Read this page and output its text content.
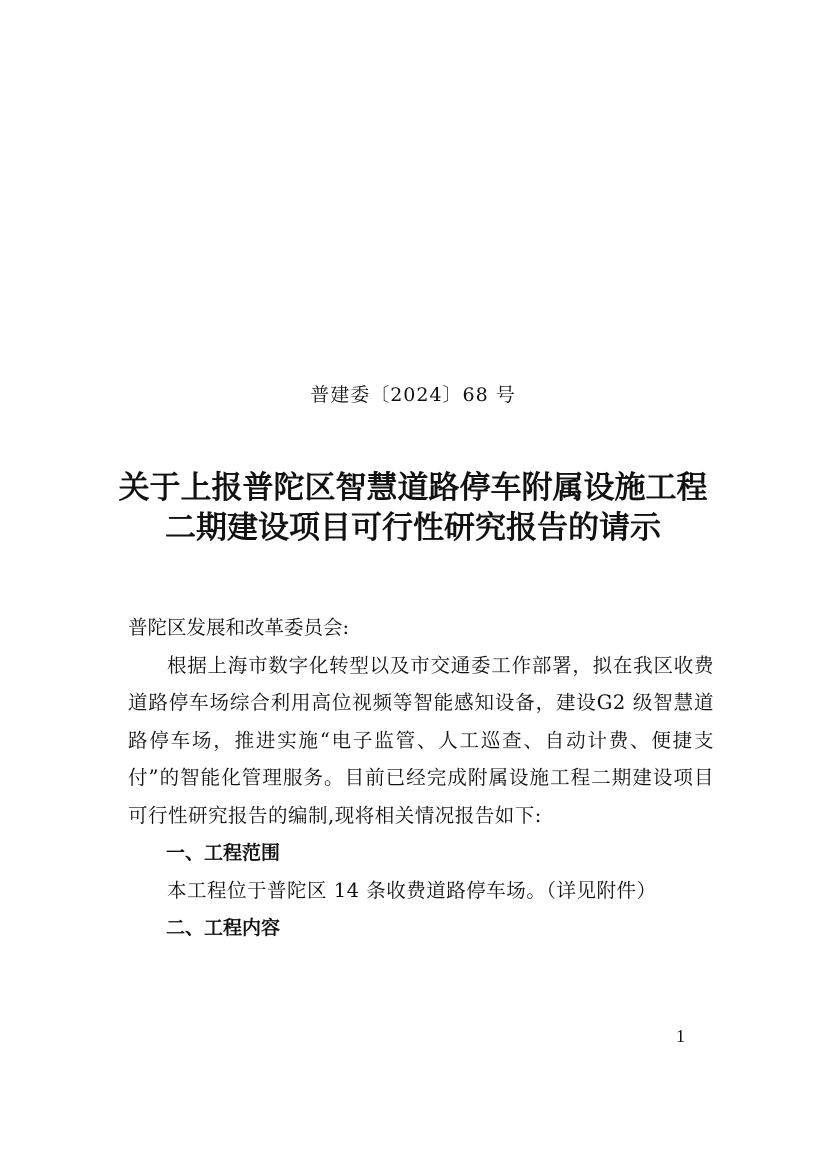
普建委〔2024〕68 号
关于上报普陀区智慧道路停车附属设施工程
二期建设项目可行性研究报告的请示

普陀区发展和改革委员会:

根据上海市数字化转型以及市交通委工作部署，拟在我区收费道路停车场综合利用高位视频等智能感知设备，建设G2 级智慧道路停车场，推进实施“电子监管、人工巡查、自动计费、便捷支付”的智能化管理服务。目前已经完成附属设施工程二期建设项目可行性研究报告的编制,现将相关情况报告如下:

一、工程范围

本工程位于普陀区 14 条收费道路停车场。（详见附件）

二、工程内容

1
